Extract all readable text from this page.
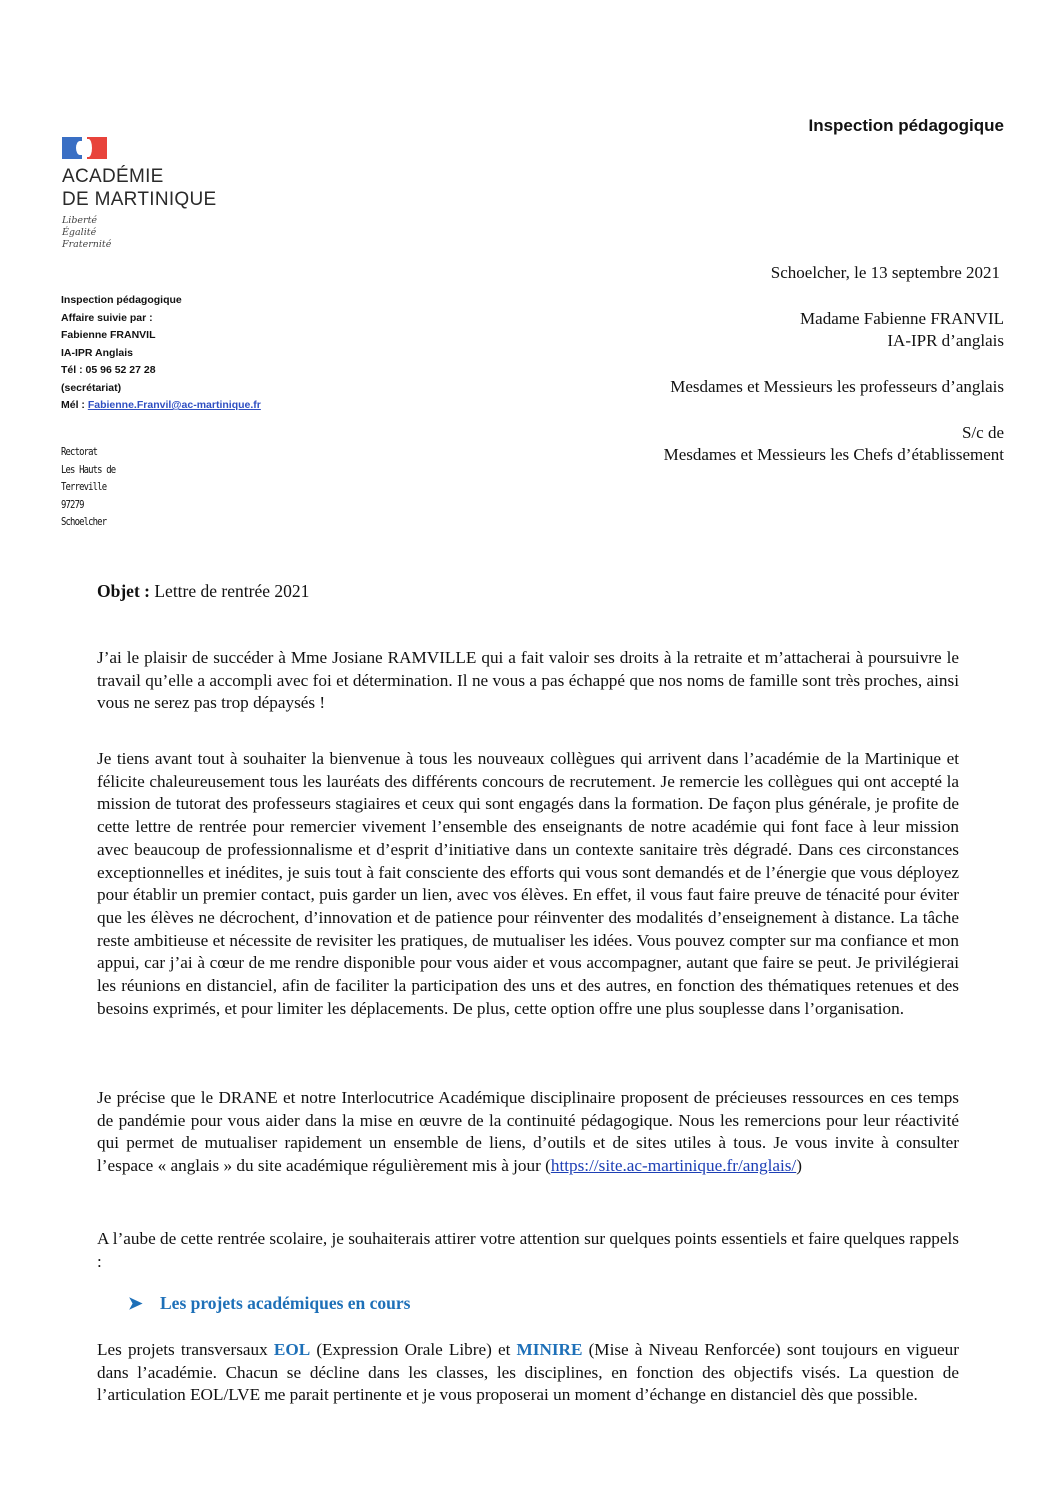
ACADÉMIE
DE MARTINIQUE
Liberté
Égalité
Fraternité
Inspection pédagogique
Inspection pédagogique
Affaire suivie par :
Fabienne FRANVIL
IA-IPR Anglais
Tél : 05 96 52 27 28
(secrétariat)
Mél : Fabienne.Franvil@ac-martinique.fr
Rectorat
Les Hauts de
Terreville
97279
Schoelcher
Schoelcher, le 13 septembre 2021
Madame Fabienne FRANVIL
IA-IPR d’anglais
Mesdames et Messieurs les professeurs d’anglais
S/c de
Mesdames et Messieurs les Chefs d’établissement
Objet : Lettre de rentrée 2021
J’ai le plaisir de succéder à Mme Josiane RAMVILLE qui a fait valoir ses droits à la retraite et m’attacherai à poursuivre le travail qu’elle a accompli avec foi et détermination. Il ne vous a pas échappé que nos noms de famille sont très proches, ainsi vous ne serez pas trop dépaysés !
Je tiens avant tout à souhaiter la bienvenue à tous les nouveaux collègues qui arrivent dans l’académie de la Martinique et félicite chaleureusement tous les lauréats des différents concours de recrutement. Je remercie les collègues qui ont accepté la mission de tutorat des professeurs stagiaires et ceux qui sont engagés dans la formation. De façon plus générale, je profite de cette lettre de rentrée pour remercier vivement l’ensemble des enseignants de notre académie qui font face à leur mission avec beaucoup de professionnalisme et d’esprit d’initiative dans un contexte sanitaire très dégradé. Dans ces circonstances exceptionnelles et inédites, je suis tout à fait consciente des efforts qui vous sont demandés et de l’énergie que vous déployez pour établir un premier contact, puis garder un lien, avec vos élèves. En effet, il vous faut faire preuve de ténacité pour éviter que les élèves ne décrochent, d’innovation et de patience pour réinventer des modalités d’enseignement à distance. La tâche reste ambitieuse et nécessite de revisiter les pratiques, de mutualiser les idées. Vous pouvez compter sur ma confiance et mon appui, car j’ai à cœur de me rendre disponible pour vous aider et vous accompagner, autant que faire se peut. Je privilégierai les réunions en distanciel, afin de faciliter la participation des uns et des autres, en fonction des thématiques retenues et des besoins exprimés, et pour limiter les déplacements. De plus, cette option offre une plus souplesse dans l’organisation.
Je précise que le DRANE et notre Interlocutrice Académique disciplinaire proposent de précieuses ressources en ces temps de pandémie pour vous aider dans la mise en œuvre de la continuité pédagogique. Nous les remercions pour leur réactivité qui permet de mutualiser rapidement un ensemble de liens, d’outils et de sites utiles à tous. Je vous invite à consulter l’espace « anglais » du site académique régulièrement mis à jour (https://site.ac-martinique.fr/anglais/)
A l’aube de cette rentrée scolaire, je souhaiterais attirer votre attention sur quelques points essentiels et faire quelques rappels :
➤ Les projets académiques en cours
Les projets transversaux EOL (Expression Orale Libre) et MINIRE (Mise à Niveau Renforcée) sont toujours en vigueur dans l’académie. Chacun se décline dans les classes, les disciplines, en fonction des objectifs visés. La question de l’articulation EOL/LVE me parait pertinente et je vous proposerai un moment d’échange en distanciel dès que possible.
